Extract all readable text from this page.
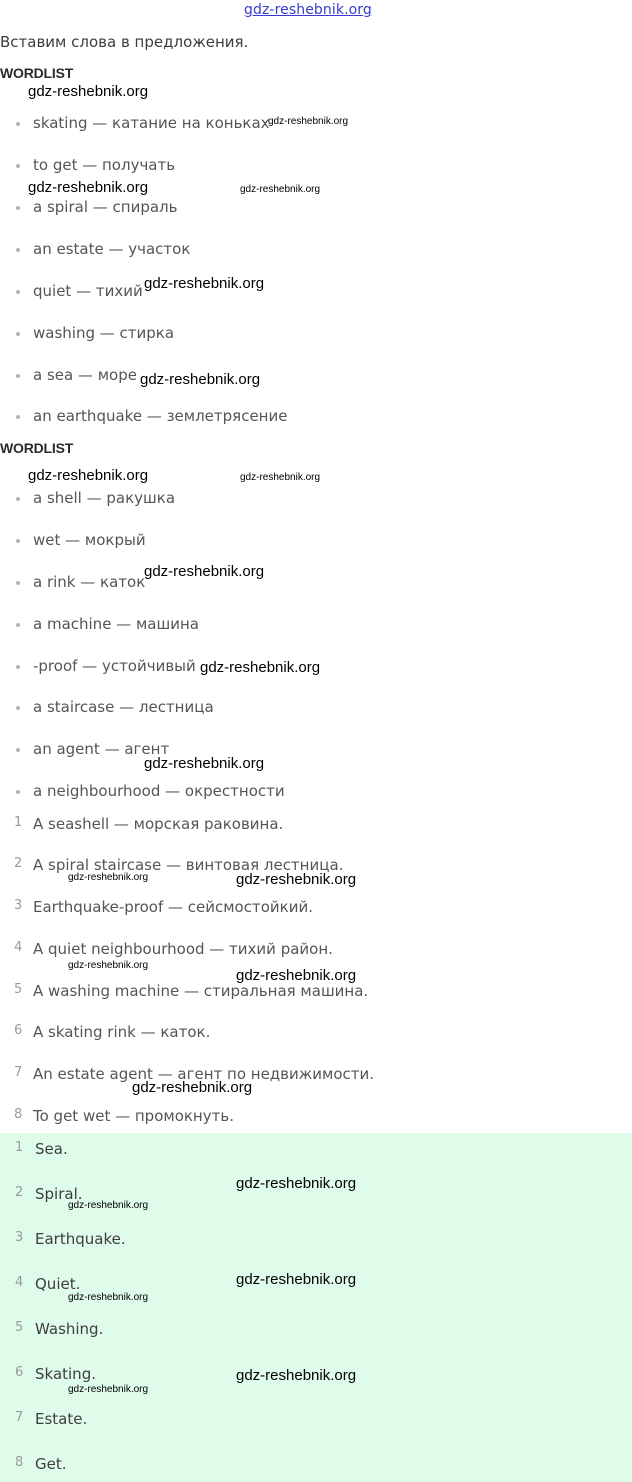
gdz-reshebnik.org
Вставим слова в предложения.
WORDLIST
skating — катание на коньках
to get — получать
a spiral — спираль
an estate — участок
quiet — тихий
washing — стирка
a sea — море
an earthquake — землетрясение
WORDLIST
a shell — ракушка
wet — мокрый
a rink — каток
a machine — машина
-proof — устойчивый
a staircase — лестница
an agent — агент
a neighbourhood — окрестности
1 A seashell — морская раковина.
2 A spiral staircase — винтовая лестница.
3 Earthquake-proof — сейсмостойкий.
4 A quiet neighbourhood — тихий район.
5 A washing machine — стиральная машина.
6 A skating rink — каток.
7 An estate agent — агент по недвижимости.
8 To get wet — промокнуть.
1 Sea.
2 Spiral.
3 Earthquake.
4 Quiet.
5 Washing.
6 Skating.
7 Estate.
8 Get.
gdz-reshebnik.org
gdz-reshebnik.org
gdz-reshebnik.org	gdz-reshebnik.org
gdz-reshebnik.org
gdz-reshebnik.org
gdz-reshebnik.org	gdz-reshebnik.org
gdz-reshebnik.org
gdz-reshebnik.org
gdz-reshebnik.org
gdz-reshebnik.org	gdz-reshebnik.org
gdz-reshebnik.org
gdz-reshebnik.org
gdz-reshebnik.org
gdz-reshebnik.org
gdz-reshebnik.org
gdz-reshebnik.org
gdz-reshebnik.org
gdz-reshebnik.org
gdz-reshebnik.org
